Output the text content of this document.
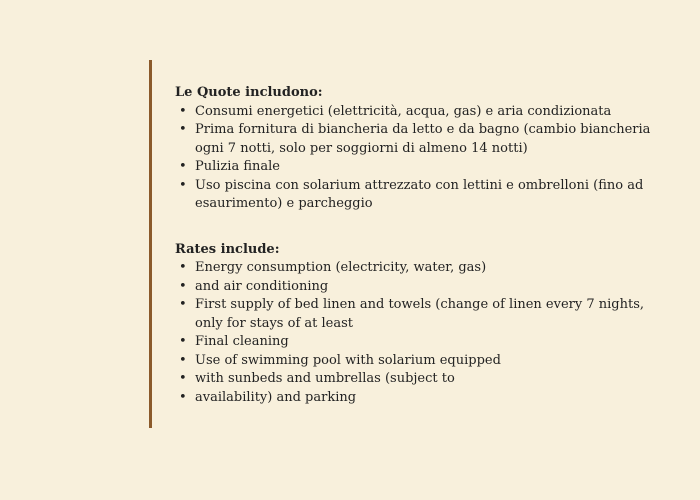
Le Quote includono:

• Consumi energetici (elettricità, acqua, gas) e aria condizionata
• Prima fornitura di biancheria da letto e da bagno (cambio biancheria ogni 7 notti, solo per soggiorni di almeno 14 notti)
• Pulizia finale
• Uso piscina con solarium attrezzato con lettini e ombrelloni (fino ad esaurimento) e parcheggio

Rates include:

• Energy consumption (electricity, water, gas)
• and air conditioning
• First supply of bed linen and towels (change of linen every 7 nights, only for stays of at least
• Final cleaning
• Use of swimming pool with solarium equipped
• with sunbeds and umbrellas (subject to
• availability) and parking
